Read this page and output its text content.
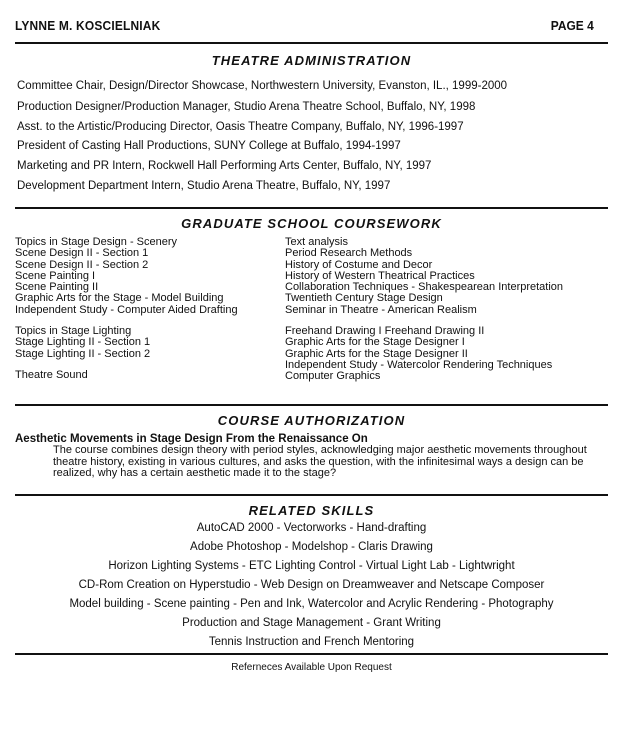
LYNNE M. KOSCIELNIAK	PAGE 4
THEATRE ADMINISTRATION
Committee Chair, Design/Director Showcase, Northwestern University, Evanston, IL., 1999-2000
Production Designer/Production Manager, Studio Arena Theatre School, Buffalo, NY, 1998
Asst. to the Artistic/Producing Director, Oasis Theatre Company, Buffalo, NY, 1996-1997
President of Casting Hall Productions, SUNY College at Buffalo, 1994-1997
Marketing and PR Intern, Rockwell Hall Performing Arts Center, Buffalo, NY, 1997
Development Department Intern, Studio Arena Theatre, Buffalo, NY, 1997
GRADUATE SCHOOL COURSEWORK
Topics in Stage Design - Scenery
Scene Design II - Section 1
Scene Design II - Section 2
Scene Painting I
Scene Painting II
Graphic Arts for the Stage - Model Building
Independent Study - Computer Aided Drafting
Topics in Stage Lighting
Stage Lighting II - Section 1
Stage Lighting II - Section 2
Theatre Sound
Text analysis
Period Research Methods
History of Costume and Decor
History of Western Theatrical Practices
Collaboration Techniques - Shakespearean Interpretation
Twentieth Century Stage Design
Seminar in Theatre - American Realism
Freehand Drawing I Freehand Drawing II
Graphic Arts for the Stage Designer I
Graphic Arts for the Stage Designer II
Independent Study - Watercolor Rendering Techniques
Computer Graphics
COURSE AUTHORIZATION
Aesthetic Movements in Stage Design From the Renaissance On
The course combines design theory with period styles, acknowledging major aesthetic movements throughout theatre history, existing in various cultures, and asks the question, with the infinitesimal ways a design can be realized, why has a certain aesthetic made it to the stage?
RELATED SKILLS
AutoCAD 2000 - Vectorworks - Hand-drafting
Adobe Photoshop - Modelshop - Claris Drawing
Horizon Lighting Systems - ETC Lighting Control - Virtual Light Lab - Lightwright
CD-Rom Creation on Hyperstudio - Web Design on Dreamweaver and Netscape Composer
Model building - Scene painting - Pen and Ink, Watercolor and Acrylic Rendering - Photography
Production and Stage Management - Grant Writing
Tennis Instruction and French Mentoring
Referneces Available Upon Request
